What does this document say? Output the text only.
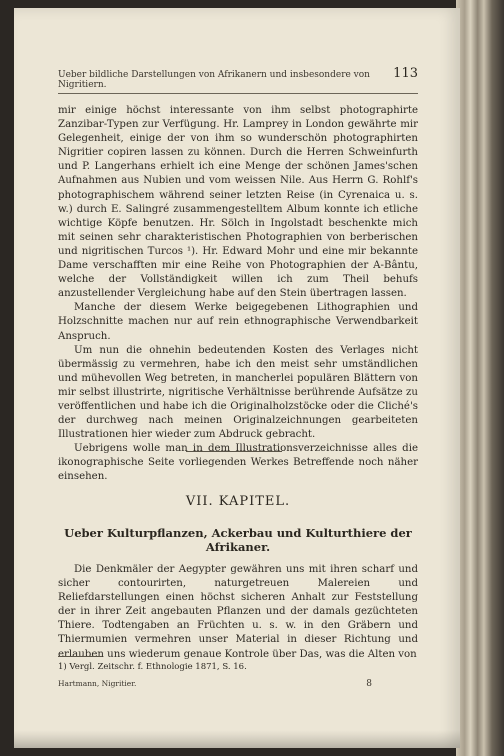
Ueber bildliche Darstellungen von Afrikanern und insbesondere von Nigritiern.
113

mir einige höchst interessante von ihm selbst photographirte Zanzibar-Typen zur Verfügung. Hr. Lamprey in London gewährte mir Gelegenheit, einige der von ihm so wunderschön photographirten Nigritier copiren lassen zu können. Durch die Herren Schweinfurth und P. Langerhans erhielt ich eine Menge der schönen James'schen Aufnahmen aus Nubien und vom weissen Nile. Aus Herrn G. Rohlf's photographischem während seiner letzten Reise (in Cyrenaica u. s. w.) durch E. Salingré zusammengestelltem Album konnte ich etliche wichtige Köpfe benutzen. Hr. Sölch in Ingolstadt beschenkte mich mit seinen sehr charakteristischen Photographien von berberischen und nigritischen Turcos ¹). Hr. Edward Mohr und eine mir bekannte Dame verschafften mir eine Reihe von Photographien der A-Bântu, welche der Vollständigkeit willen ich zum Theil behufs anzustellender Vergleichung habe auf den Stein übertragen lassen.

Manche der diesem Werke beigegebenen Lithographien und Holzschnitte machen nur auf rein ethnographische Verwendbarkeit Anspruch.

Um nun die ohnehin bedeutenden Kosten des Verlages nicht übermässig zu vermehren, habe ich den meist sehr umständlichen und mühevollen Weg betreten, in mancherlei populären Blättern von mir selbst illustrirte, nigritische Verhältnisse berührende Aufsätze zu veröffentlichen und habe ich die Originalholzstöcke oder die Cliché's der durchweg nach meinen Originalzeichnungen gearbeiteten Illustrationen hier wieder zum Abdruck gebracht.

Uebrigens wolle man in dem Illustrationsverzeichnisse alles die ikonographische Seite vorliegenden Werkes Betreffende noch näher einsehen.

VII. KAPITEL.
Ueber Kulturpflanzen, Ackerbau und Kulturthiere der Afrikaner.

Die Denkmäler der Aegypter gewähren uns mit ihren scharf und sicher contourirten, naturgetreuen Malereien und Reliefdarstellungen einen höchst sicheren Anhalt zur Feststellung der in ihrer Zeit angebauten Pflanzen und der damals gezüchteten Thiere. Todtengaben an Früchten u. s. w. in den Gräbern und Thiermumien vermehren unser Material in dieser Richtung und erlauben uns wiederum genaue Kontrole über Das, was die Alten von

1) Vergl. Zeitschr. f. Ethnologie 1871, S. 16.
Hartmann, Nigritier.	8
